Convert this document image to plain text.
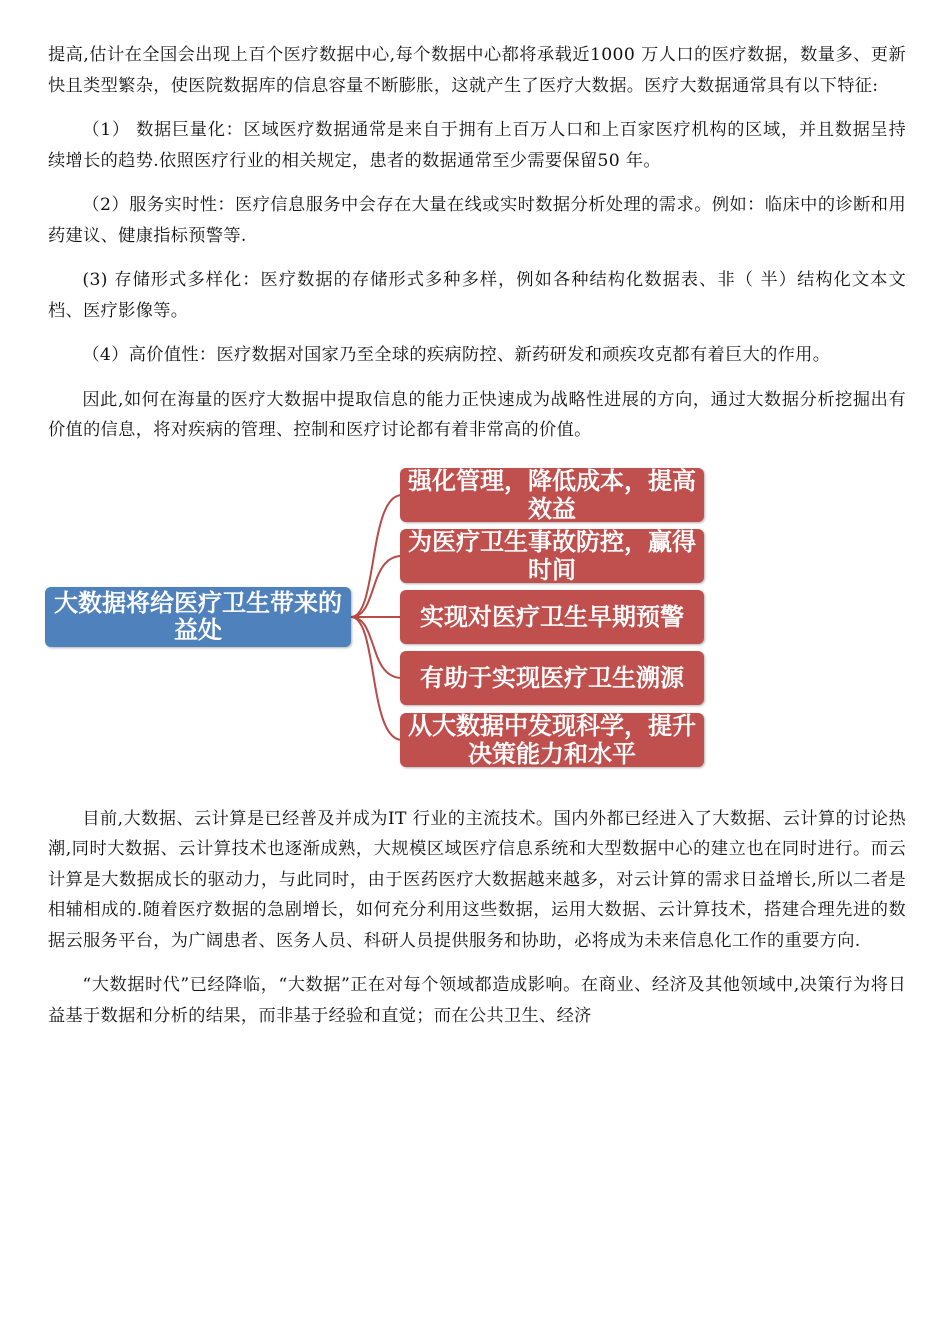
提高,估计在全国会出现上百个医疗数据中心,每个数据中心都将承载近1000 万人口的医疗数据，数量多、更新快且类型繁杂，使医院数据库的信息容量不断膨胀，这就产生了医疗大数据。医疗大数据通常具有以下特征:

（1） 数据巨量化：区域医疗数据通常是来自于拥有上百万人口和上百家医疗机构的区域，并且数据呈持续增长的趋势.依照医疗行业的相关规定，患者的数据通常至少需要保留50 年。

（2）服务实时性：医疗信息服务中会存在大量在线或实时数据分析处理的需求。例如：临床中的诊断和用药建议、健康指标预警等.

(3) 存储形式多样化：医疗数据的存储形式多种多样，例如各种结构化数据表、非（ 半）结构化文本文档、医疗影像等。

（4）高价值性：医疗数据对国家乃至全球的疾病防控、新药研发和顽疾攻克都有着巨大的作用。

因此,如何在海量的医疗大数据中提取信息的能力正快速成为战略性进展的方向，通过大数据分析挖掘出有价值的信息，将对疾病的管理、控制和医疗讨论都有着非常高的价值。

大数据将给医疗卫生带来的益处
强化管理，降低成本，提高效益
为医疗卫生事故防控，赢得时间
实现对医疗卫生早期预警
有助于实现医疗卫生溯源
从大数据中发现科学，提升决策能力和水平

目前,大数据、云计算是已经普及并成为IT 行业的主流技术。国内外都已经进入了大数据、云计算的讨论热潮,同时大数据、云计算技术也逐渐成熟，大规模区域医疗信息系统和大型数据中心的建立也在同时进行。而云计算是大数据成长的驱动力，与此同时，由于医药医疗大数据越来越多，对云计算的需求日益增长,所以二者是相辅相成的.随着医疗数据的急剧增长，如何充分利用这些数据，运用大数据、云计算技术，搭建合理先进的数据云服务平台，为广阔患者、医务人员、科研人员提供服务和协助，必将成为未来信息化工作的重要方向.

“大数据时代”已经降临，“大数据”正在对每个领域都造成影响。在商业、经济及其他领域中,决策行为将日益基于数据和分析的结果，而非基于经验和直觉；而在公共卫生、经济
